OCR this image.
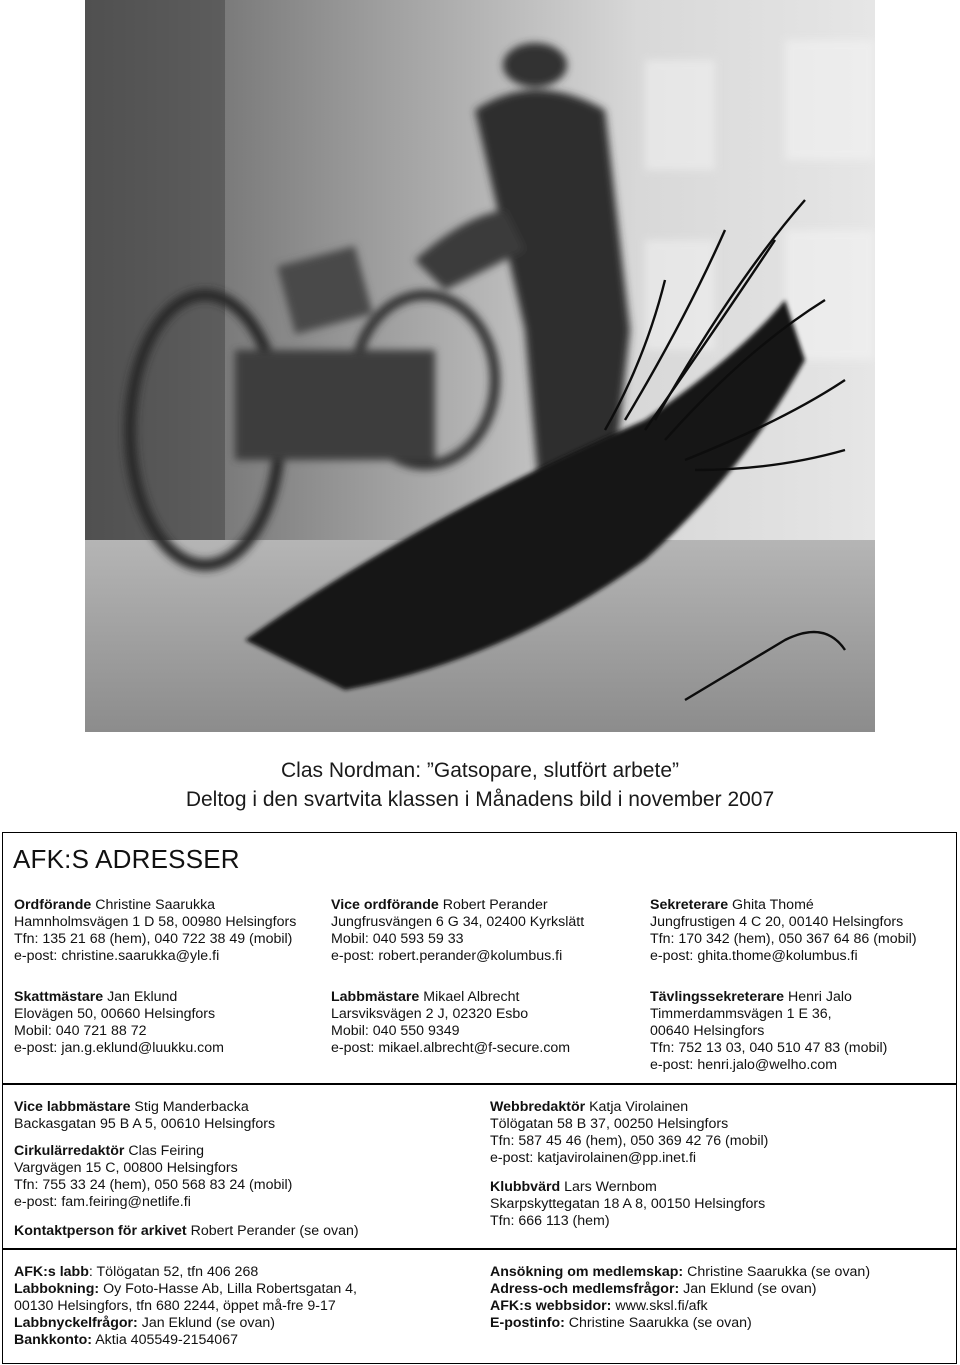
Clas Nordman: ”Gatsopare, slutfört arbete”
Deltog i den svartvita klassen i Månadens bild i november 2007
AFK:S ADRESSER

Ordförande Christine Saarukka

Hamnholmsvägen 1 D 58, 00980 Helsingfors

Tfn: 135 21 68 (hem), 040 722 38 49 (mobil)

e-post: christine.saarukka@yle.fi

Vice ordförande Robert Perander

Jungfrusvängen 6 G 34, 02400 Kyrkslätt

Mobil: 040 593 59 33

e-post: robert.perander@kolumbus.fi

Sekreterare Ghita Thomé

Jungfrustigen 4 C 20, 00140 Helsingfors

Tfn: 170 342 (hem), 050 367 64 86 (mobil)

e-post: ghita.thome@kolumbus.fi

Skattmästare Jan Eklund

Elovägen 50, 00660 Helsingfors

Mobil: 040 721 88 72

e-post: jan.g.eklund@luukku.com

Labbmästare Mikael Albrecht

Larsviksvägen 2 J, 02320 Esbo

Mobil: 040 550 9349

e-post: mikael.albrecht@f-secure.com

Tävlingssekreterare Henri Jalo

Timmerdammsvägen 1 E 36,

00640 Helsingfors

Tfn: 752 13 03, 040 510 47 83 (mobil)

e-post: henri.jalo@welho.com

Vice labbmästare Stig Manderbacka

Backasgatan 95 B A 5, 00610 Helsingfors

Cirkulärredaktör Clas Feiring

Vargvägen 15 C, 00800 Helsingfors

Tfn: 755 33 24 (hem), 050 568 83 24 (mobil)

e-post: fam.feiring@netlife.fi

Kontaktperson för arkivet Robert Perander (se ovan)

Webbredaktör Katja Virolainen

Tölögatan 58 B 37, 00250 Helsingfors

Tfn: 587 45 46 (hem), 050 369 42 76 (mobil)

e-post: katjavirolainen@pp.inet.fi

Klubbvärd Lars Wernbom

Skarpskyttegatan 18 A 8, 00150 Helsingfors

Tfn: 666 113 (hem)

AFK:s labb: Tölögatan 52, tfn 406 268

Labbokning: Oy Foto-Hasse Ab, Lilla Robertsgatan 4,

00130 Helsingfors, tfn 680 2244, öppet må-fre 9-17

Labbnyckelfrågor: Jan Eklund (se ovan)

Bankkonto: Aktia 405549-2154067

Ansökning om medlemskap: Christine Saarukka (se ovan)

Adress-och medlemsfrågor: Jan Eklund (se ovan)

AFK:s webbsidor: www.sksl.fi/afk

E-postinfo: Christine Saarukka (se ovan)
